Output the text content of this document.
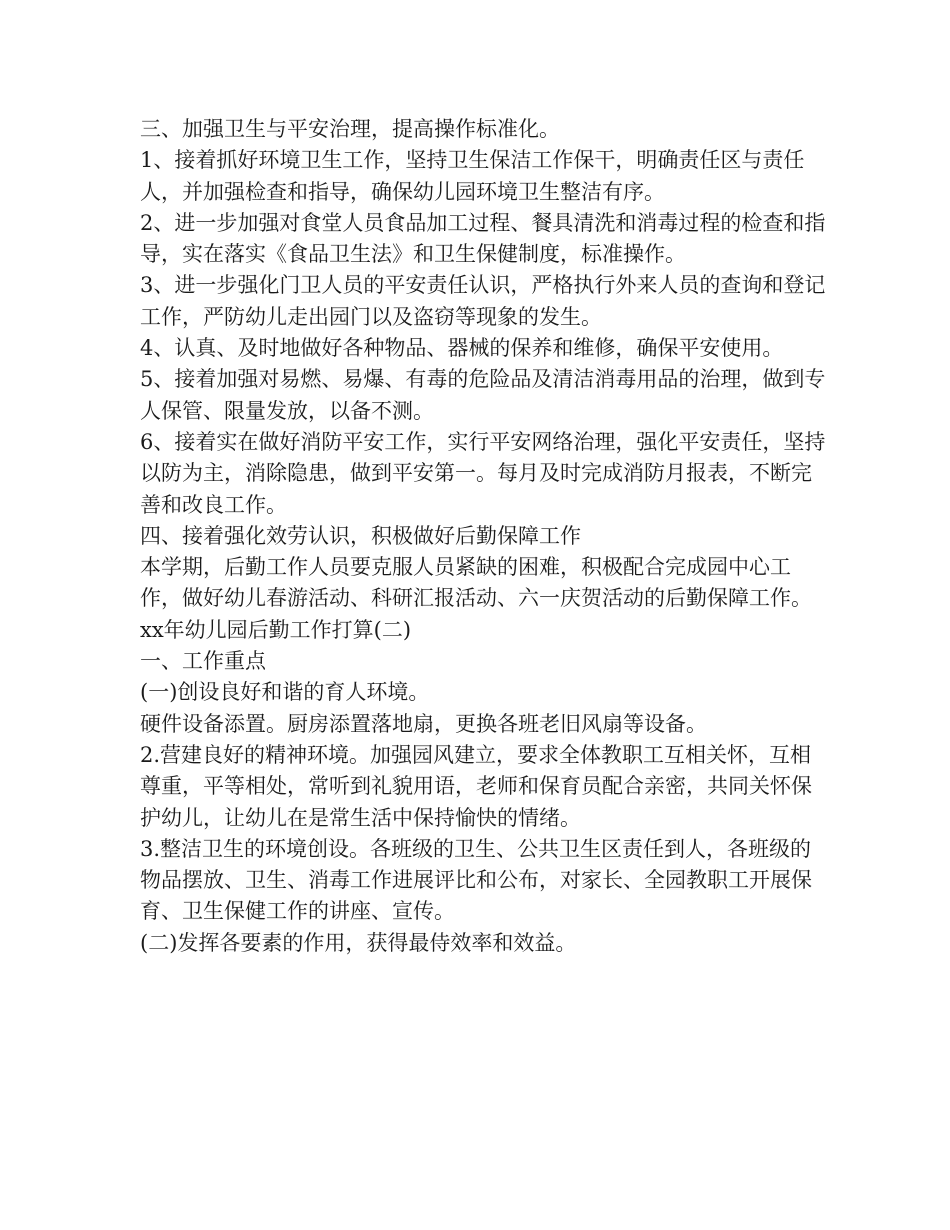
三、加强卫生与平安治理，提高操作标准化。

1、接着抓好环境卫生工作，坚持卫生保洁工作保干，明确责任区与责任人，并加强检查和指导，确保幼儿园环境卫生整洁有序。

2、进一步加强对食堂人员食品加工过程、餐具清洗和消毒过程的检查和指导，实在落实《食品卫生法》和卫生保健制度，标准操作。

3、进一步强化门卫人员的平安责任认识，严格执行外来人员的查询和登记工作，严防幼儿走出园门以及盗窃等现象的发生。

4、认真、及时地做好各种物品、器械的保养和维修，确保平安使用。

5、接着加强对易燃、易爆、有毒的危险品及清洁消毒用品的治理，做到专人保管、限量发放，以备不测。

6、接着实在做好消防平安工作，实行平安网络治理，强化平安责任，坚持以防为主，消除隐患，做到平安第一。每月及时完成消防月报表，不断完善和改良工作。

四、接着强化效劳认识，积极做好后勤保障工作

本学期，后勤工作人员要克服人员紧缺的困难，积极配合完成园中心工作，做好幼儿春游活动、科研汇报活动、六一庆贺活动的后勤保障工作。

xx年幼儿园后勤工作打算(二)

一、工作重点

(一)创设良好和谐的育人环境。

硬件设备添置。厨房添置落地扇，更换各班老旧风扇等设备。

2.营建良好的精神环境。加强园风建立，要求全体教职工互相关怀，互相尊重，平等相处，常听到礼貌用语，老师和保育员配合亲密，共同关怀保护幼儿，让幼儿在是常生活中保持愉快的情绪。

3.整洁卫生的环境创设。各班级的卫生、公共卫生区责任到人，各班级的物品摆放、卫生、消毒工作进展评比和公布，对家长、全园教职工开展保育、卫生保健工作的讲座、宣传。

(二)发挥各要素的作用，获得最侍效率和效益。
